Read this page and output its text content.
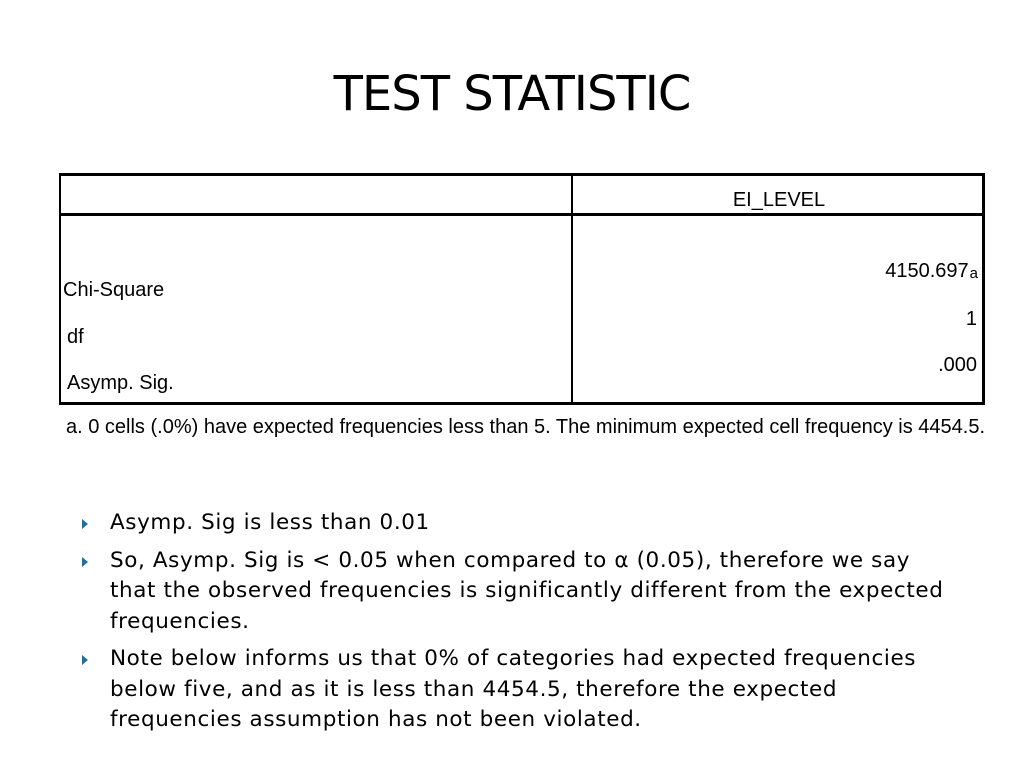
TEST STATISTIC
EI_LEVEL
Chi-Square
df
Asymp. Sig.
$4150.697_a$
1
.000
a. 0 cells (.0%) have expected frequencies less than 5. The minimum expected cell frequency is 4454.5.
Asymp. Sig is less than 0.01
So, Asymp. Sig is < 0.05 when compared to α (0.05), therefore we say that the observed frequencies is significantly different from the expected frequencies.
Note below informs us that 0% of categories had expected frequencies below five, and as it is less than 4454.5, therefore the expected frequencies assumption has not been violated.
